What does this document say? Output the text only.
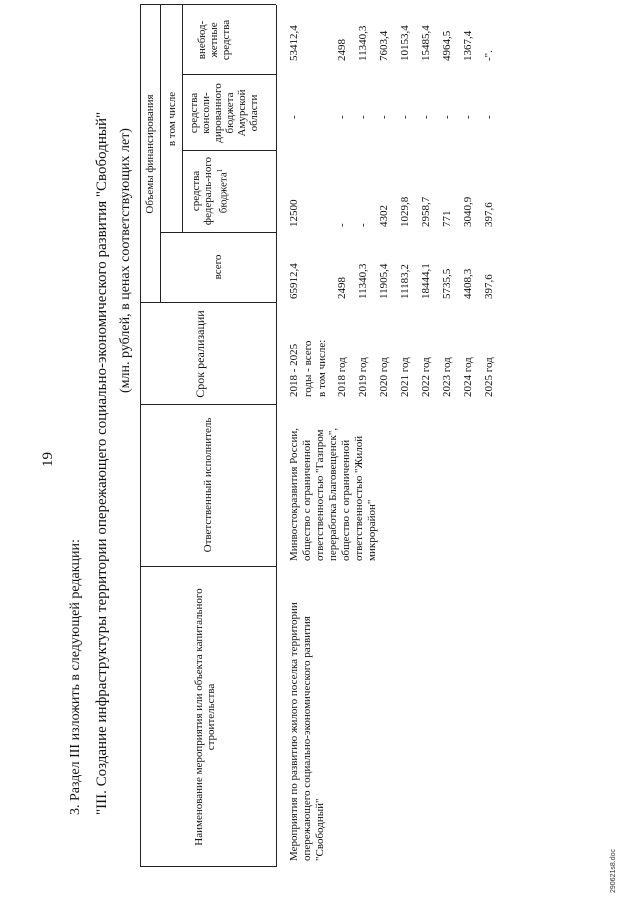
19
3. Раздел III изложить в следующей редакции: "III. Создание инфраструктуры территории опережающего социально-экономического развития "Свободный" (млн. рублей, в ценах соответствующих лет)
Наименование мероприятия или объекта капитального строительства
Ответственный исполнитель
Срок реализации
Объемы финансирования
всего
в том числе
средства федераль-ного бюджета$^1$
средства консоли-дированного бюджета Амурской области
внебюд-жетные средства
Мероприятия по развитию жилого поселка территории опережающего социально-экономического развития "Свободный"
Минвостокразвития России, общество с ограниченной ответственностью "Газпром переработка Благовещенск", общество с ограниченной ответственностью "Жилой микрорайон"
2018 - 2025 годы - всего в том числе:
65912,4
12500
-
53412,4
2018 год
2498
-
-
2498
2019 год
11340,3
-
-
11340,3
2020 год
11905,4
4302
-
7603,4
2021 год
11183,2
1029,8
-
10153,4
2022 год
18444,1
2958,7
-
15485,4
2023 год
5735,5
771
-
4964,5
2024 год
4408,3
3040,9
-
1367,4
2025 год
397,6
397,6
-
-".
290621s8.doc
